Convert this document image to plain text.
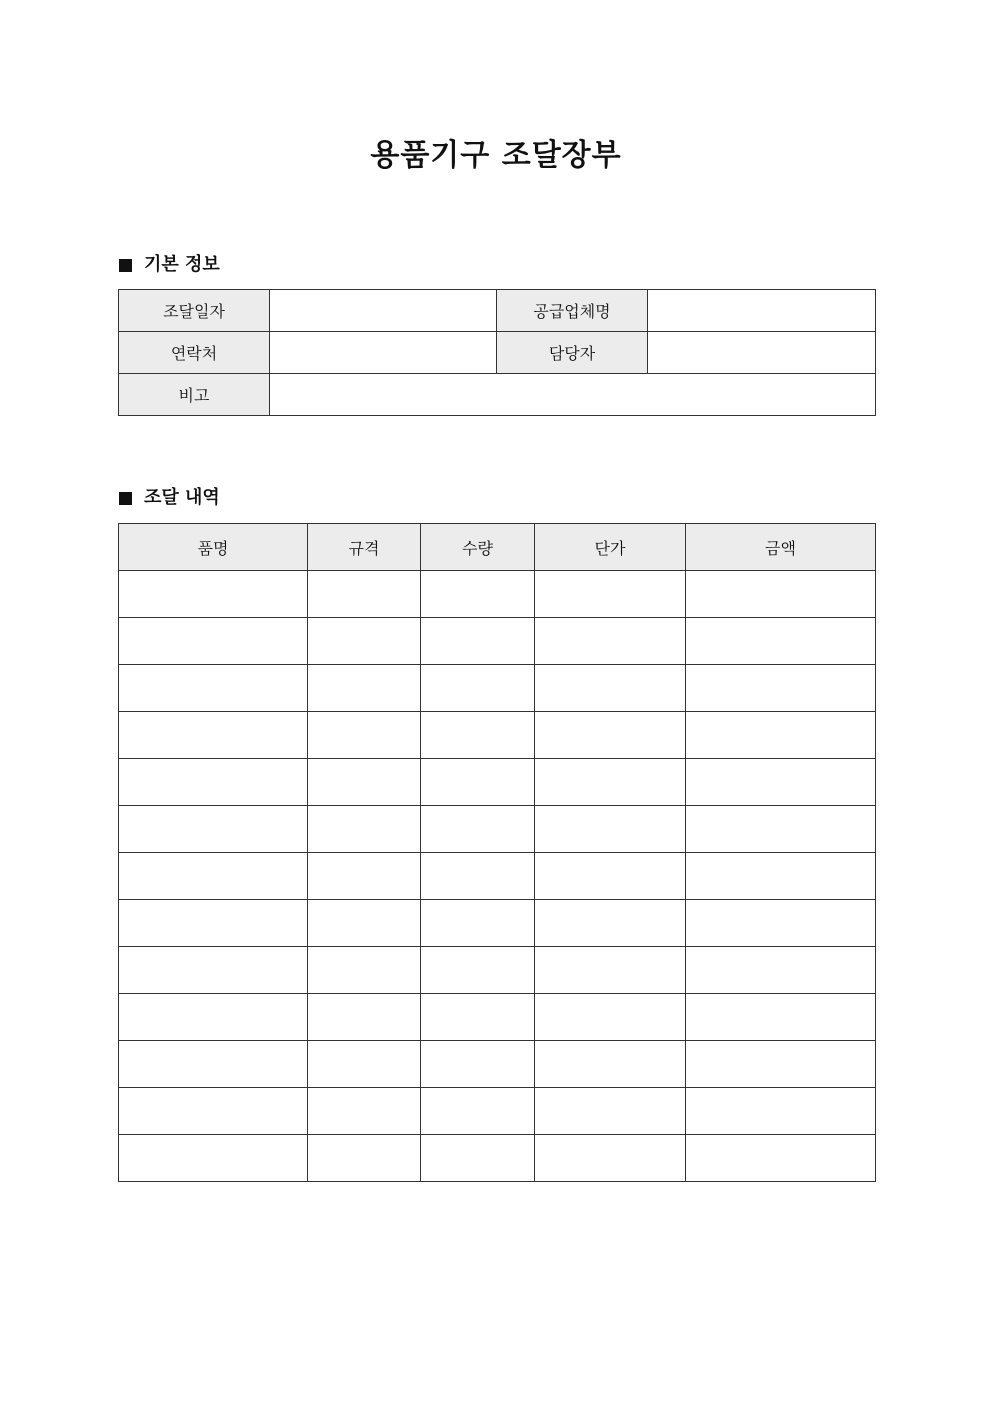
용품기구 조달장부
기본 정보
조달일자		공급업체명	
연락처		담당자	
비고			
조달 내역
품명	규격	수량	단가	금액
